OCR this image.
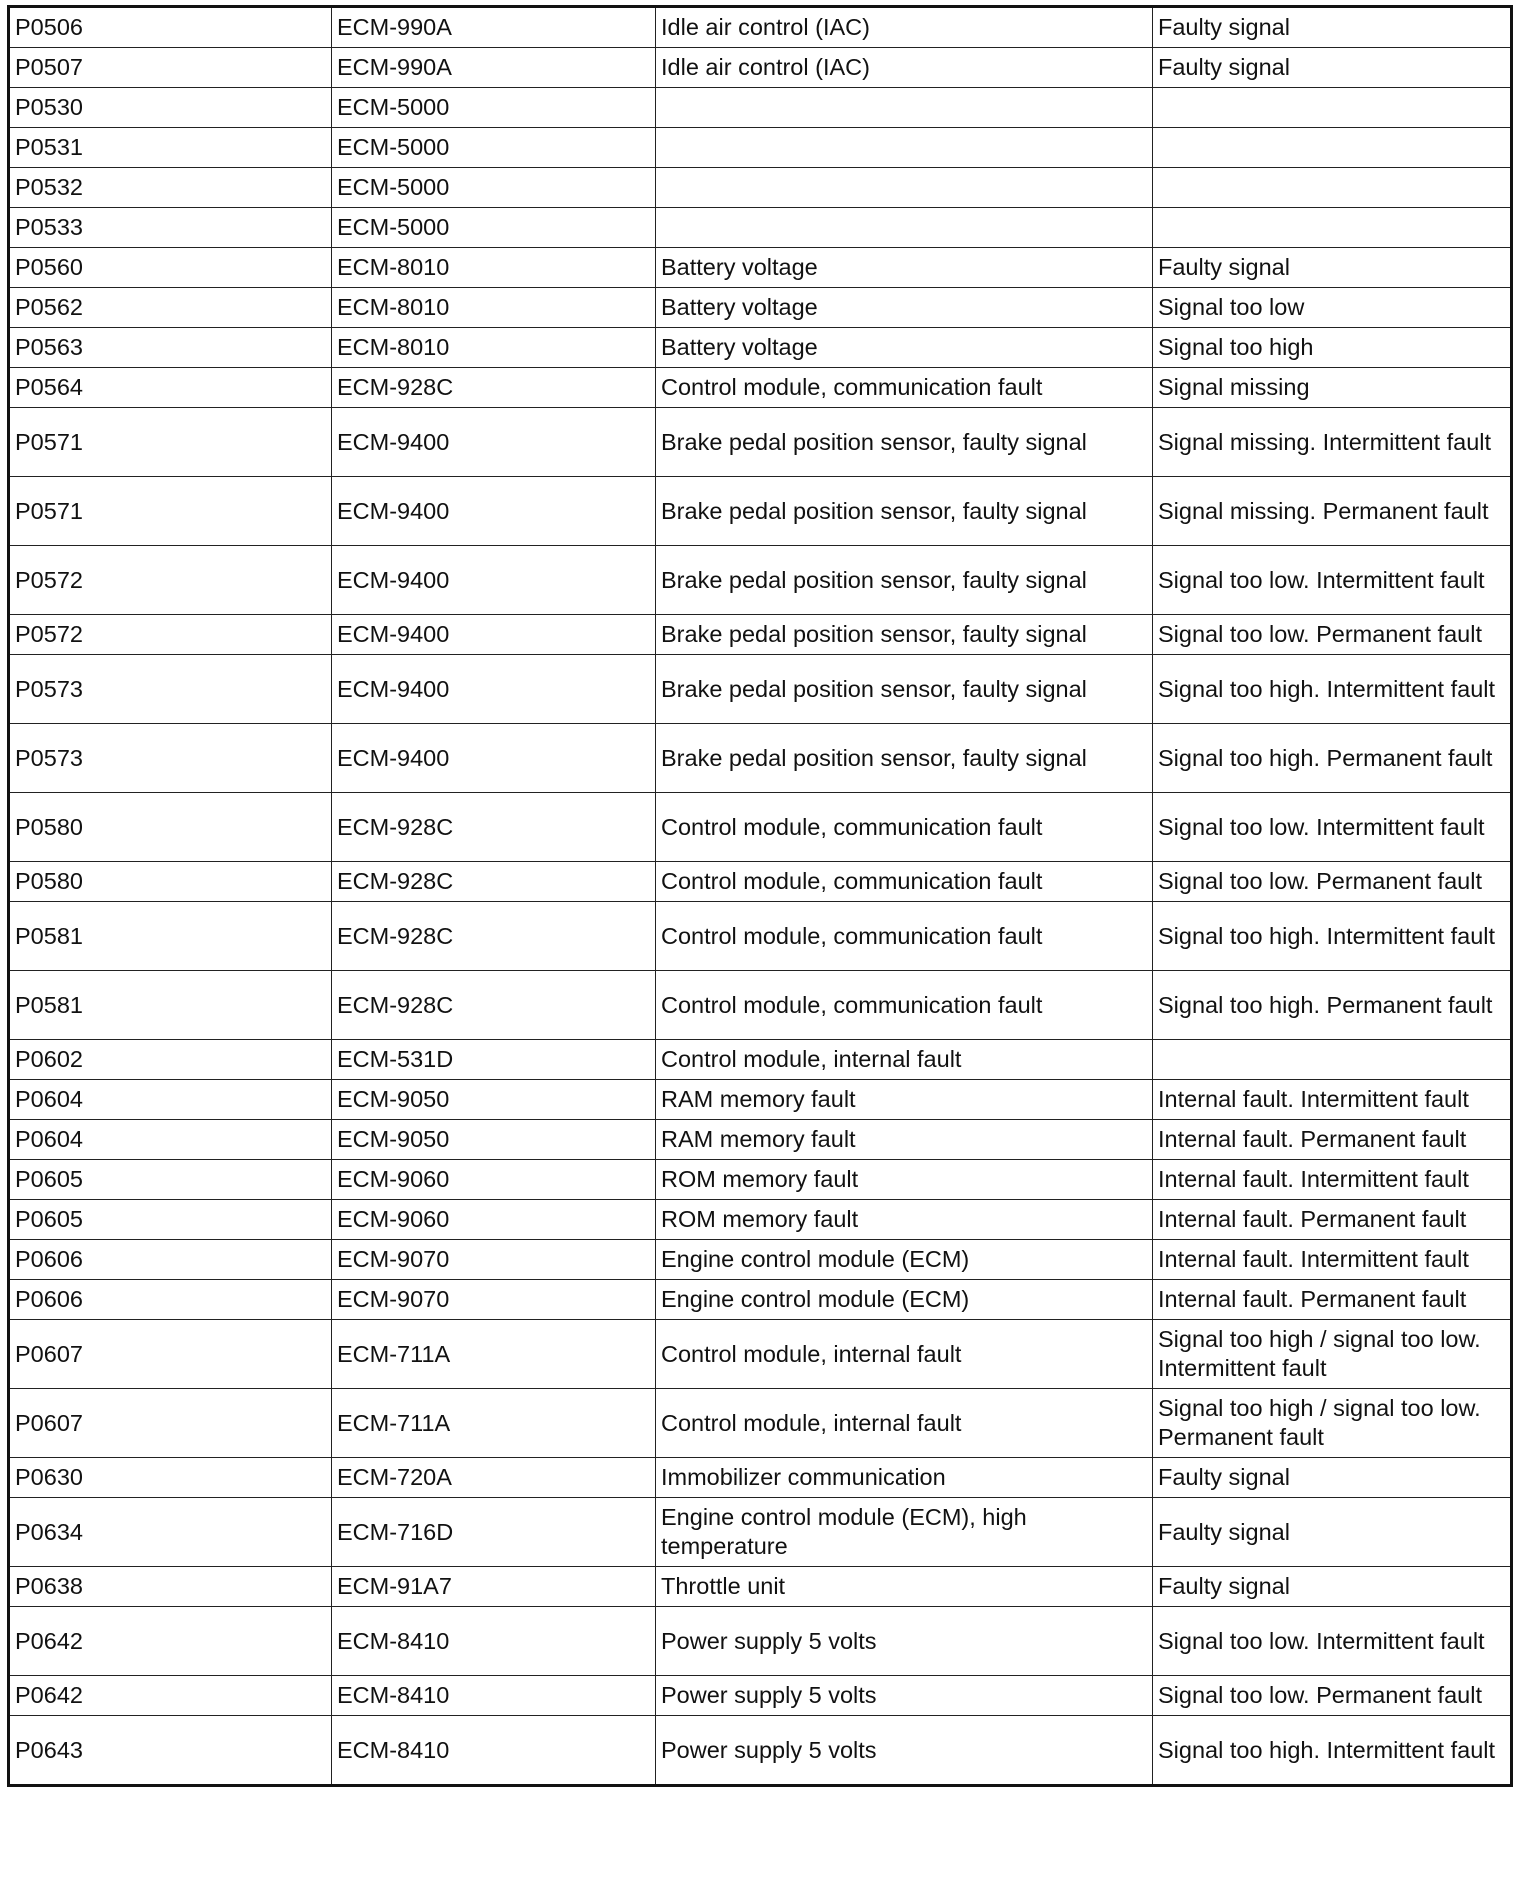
P0506	ECM-990A	Idle air control (IAC)	Faulty signal
P0507	ECM-990A	Idle air control (IAC)	Faulty signal
P0530	ECM-5000		
P0531	ECM-5000		
P0532	ECM-5000		
P0533	ECM-5000		
P0560	ECM-8010	Battery voltage	Faulty signal
P0562	ECM-8010	Battery voltage	Signal too low
P0563	ECM-8010	Battery voltage	Signal too high
P0564	ECM-928C	Control module, communication fault	Signal missing
P0571	ECM-9400	Brake pedal position sensor, faulty signal	Signal missing. Intermittent fault
P0571	ECM-9400	Brake pedal position sensor, faulty signal	Signal missing. Permanent fault
P0572	ECM-9400	Brake pedal position sensor, faulty signal	Signal too low. Intermittent fault
P0572	ECM-9400	Brake pedal position sensor, faulty signal	Signal too low. Permanent fault
P0573	ECM-9400	Brake pedal position sensor, faulty signal	Signal too high. Intermittent fault
P0573	ECM-9400	Brake pedal position sensor, faulty signal	Signal too high. Permanent fault
P0580	ECM-928C	Control module, communication fault	Signal too low. Intermittent fault
P0580	ECM-928C	Control module, communication fault	Signal too low. Permanent fault
P0581	ECM-928C	Control module, communication fault	Signal too high. Intermittent fault
P0581	ECM-928C	Control module, communication fault	Signal too high. Permanent fault
P0602	ECM-531D	Control module, internal fault	
P0604	ECM-9050	RAM memory fault	Internal fault. Intermittent fault
P0604	ECM-9050	RAM memory fault	Internal fault. Permanent fault
P0605	ECM-9060	ROM memory fault	Internal fault. Intermittent fault
P0605	ECM-9060	ROM memory fault	Internal fault. Permanent fault
P0606	ECM-9070	Engine control module (ECM)	Internal fault. Intermittent fault
P0606	ECM-9070	Engine control module (ECM)	Internal fault. Permanent fault
P0607	ECM-711A	Control module, internal fault	Signal too high / signal too low. Intermittent fault
P0607	ECM-711A	Control module, internal fault	Signal too high / signal too low. Permanent fault
P0630	ECM-720A	Immobilizer communication	Faulty signal
P0634	ECM-716D	Engine control module (ECM), high temperature	Faulty signal
P0638	ECM-91A7	Throttle unit	Faulty signal
P0642	ECM-8410	Power supply 5 volts	Signal too low. Intermittent fault
P0642	ECM-8410	Power supply 5 volts	Signal too low. Permanent fault
P0643	ECM-8410	Power supply 5 volts	Signal too high. Intermittent fault
